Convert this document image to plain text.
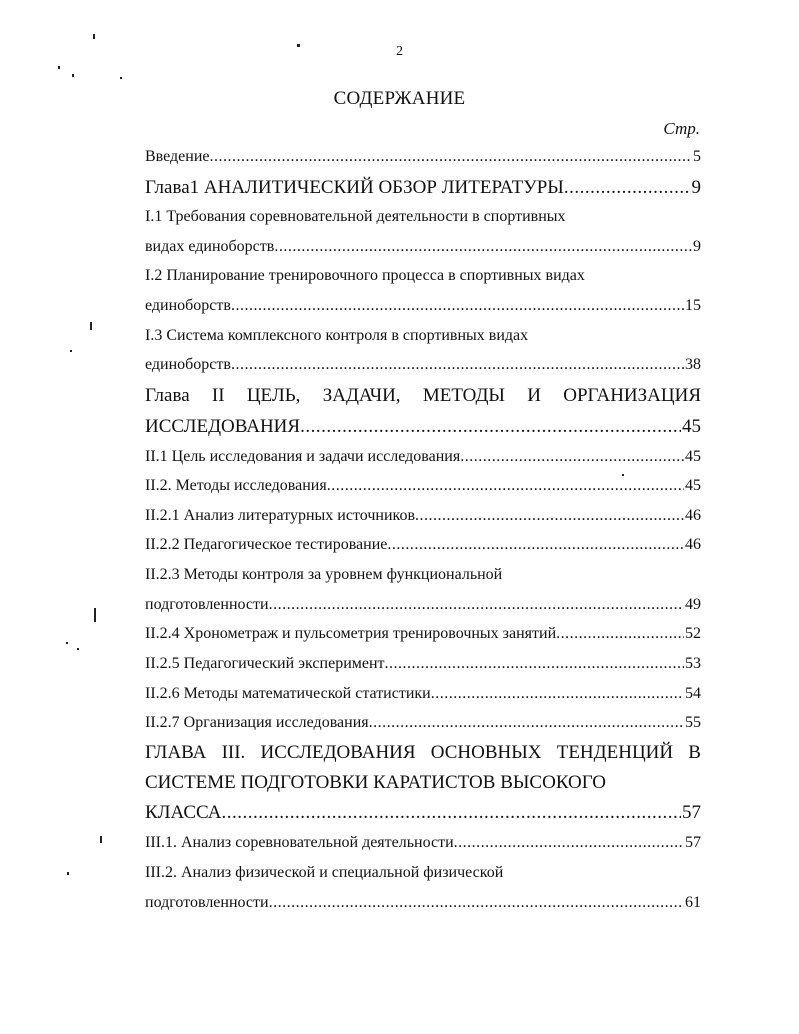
2
СОДЕРЖАНИЕ
Стр.
Введение .....	5
Глава1 АНАЛИТИЧЕСКИЙ ОБЗОР ЛИТЕРАТУРЫ .....	9
I.1 Требования соревновательной деятельности в спортивных
видах единоборств .....	9
I.2 Планирование тренировочного процесса в спортивных видах
единоборств .....	15
I.3 Система комплексного контроля в спортивных видах
единоборств .....	38
Глава II ЦЕЛЬ, ЗАДАЧИ, МЕТОДЫ И ОРГАНИЗАЦИЯ
ИССЛЕДОВАНИЯ .....	45
II.1 Цель исследования и задачи исследования .....	45
II.2. Методы исследования .....	45
II.2.1 Анализ литературных источников .....	46
II.2.2 Педагогическое тестирование .....	46
II.2.3 Методы контроля за уровнем функциональной
подготовленности .....	49
II.2.4 Хронометраж и пульсометрия тренировочных занятий .....	52
II.2.5 Педагогический эксперимент .....	53
II.2.6 Методы математической статистики .....	54
II.2.7 Организация исследования .....	55
ГЛАВА III. ИССЛЕДОВАНИЯ ОСНОВНЫХ ТЕНДЕНЦИЙ В
СИСТЕМЕ ПОДГОТОВКИ КАРАТИСТОВ ВЫСОКОГО
КЛАССА .....	57
III.1. Анализ соревновательной деятельности .....	57
III.2. Анализ физической и специальной физической
подготовленности .....	61
